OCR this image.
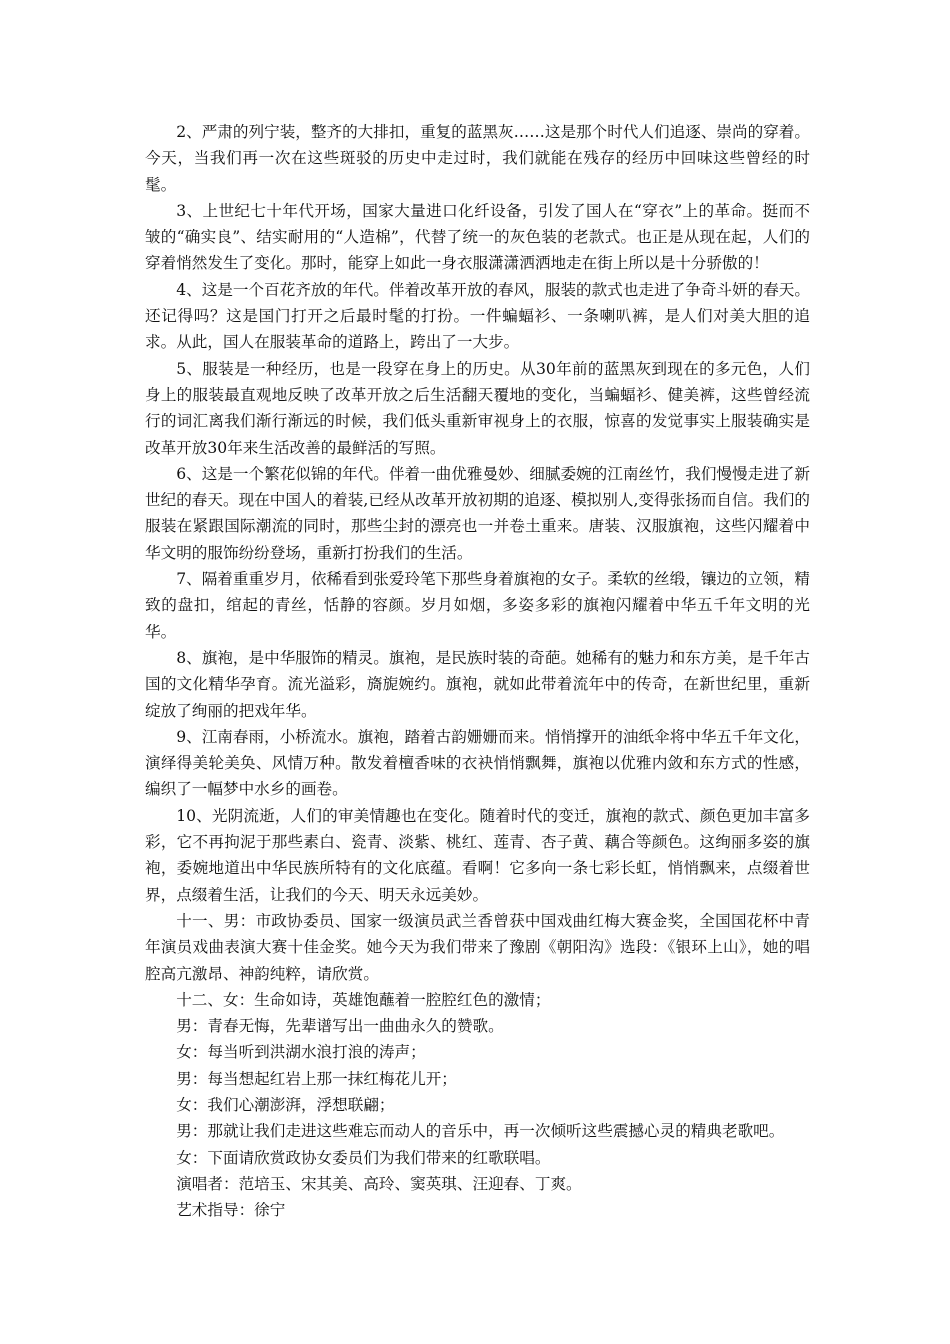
2、严肃的列宁装，整齐的大排扣，重复的蓝黑灰……这是那个时代人们追逐、崇尚的穿着。今天，当我们再一次在这些斑驳的历史中走过时，我们就能在残存的经历中回味这些曾经的时髦。

3、上世纪七十年代开场，国家大量进口化纤设备，引发了国人在“穿衣”上的革命。挺而不皱的“确实良”、结实耐用的“人造棉”，代替了统一的灰色装的老款式。也正是从现在起，人们的穿着悄然发生了变化。那时，能穿上如此一身衣服潇潇洒洒地走在街上所以是十分骄傲的！

4、这是一个百花齐放的年代。伴着改革开放的春风，服装的款式也走进了争奇斗妍的春天。还记得吗？这是国门打开之后最时髦的打扮。一件蝙蝠衫、一条喇叭裤，是人们对美大胆的追求。从此，国人在服装革命的道路上，跨出了一大步。

5、服装是一种经历，也是一段穿在身上的历史。从30年前的蓝黑灰到现在的多元色，人们身上的服装最直观地反映了改革开放之后生活翻天覆地的变化，当蝙蝠衫、健美裤，这些曾经流行的词汇离我们渐行渐远的时候，我们低头重新审视身上的衣服，惊喜的发觉事实上服装确实是改革开放30年来生活改善的最鲜活的写照。

6、这是一个繁花似锦的年代。伴着一曲优雅曼妙、细腻委婉的江南丝竹，我们慢慢走进了新世纪的春天。现在中国人的着装,已经从改革开放初期的追逐、模拟别人,变得张扬而自信。我们的服装在紧跟国际潮流的同时，那些尘封的漂亮也一并卷土重来。唐装、汉服旗袍，这些闪耀着中华文明的服饰纷纷登场，重新打扮我们的生活。

7、隔着重重岁月，依稀看到张爱玲笔下那些身着旗袍的女子。柔软的丝缎，镶边的立领，精致的盘扣，绾起的青丝，恬静的容颜。岁月如烟，多姿多彩的旗袍闪耀着中华五千年文明的光华。

8、旗袍，是中华服饰的精灵。旗袍，是民族时装的奇葩。她稀有的魅力和东方美，是千年古国的文化精华孕育。流光溢彩，旖旎婉约。旗袍，就如此带着流年中的传奇，在新世纪里，重新绽放了绚丽的把戏年华。

9、江南春雨，小桥流水。旗袍，踏着古韵姗姗而来。悄悄撑开的油纸伞将中华五千年文化，演绎得美轮美奂、风情万种。散发着檀香味的衣袂悄悄飘舞，旗袍以优雅内敛和东方式的性感，编织了一幅梦中水乡的画卷。

10、光阴流逝，人们的审美情趣也在变化。随着时代的变迁，旗袍的款式、颜色更加丰富多彩，它不再拘泥于那些素白、瓷青、淡紫、桃红、莲青、杏子黄、藕合等颜色。这绚丽多姿的旗袍，委婉地道出中华民族所特有的文化底蕴。看啊！它多向一条七彩长虹，悄悄飘来，点缀着世界，点缀着生活，让我们的今天、明天永远美妙。

十一、男：市政协委员、国家一级演员武兰香曾获中国戏曲红梅大赛金奖，全国国花杯中青年演员戏曲表演大赛十佳金奖。她今天为我们带来了豫剧《朝阳沟》选段：《银环上山》，她的唱腔高亢激昂、神韵纯粹，请欣赏。

十二、女：生命如诗，英雄饱蘸着一腔腔红色的激情；

男：青春无悔，先辈谱写出一曲曲永久的赞歌。

女：每当听到洪湖水浪打浪的涛声；

男：每当想起红岩上那一抹红梅花儿开；

女：我们心潮澎湃，浮想联翩；

男：那就让我们走进这些难忘而动人的音乐中，再一次倾听这些震撼心灵的精典老歌吧。

女：下面请欣赏政协女委员们为我们带来的红歌联唱。

演唱者：范培玉、宋其美、高玲、窦英琪、汪迎春、丁爽。

艺术指导：徐宁
